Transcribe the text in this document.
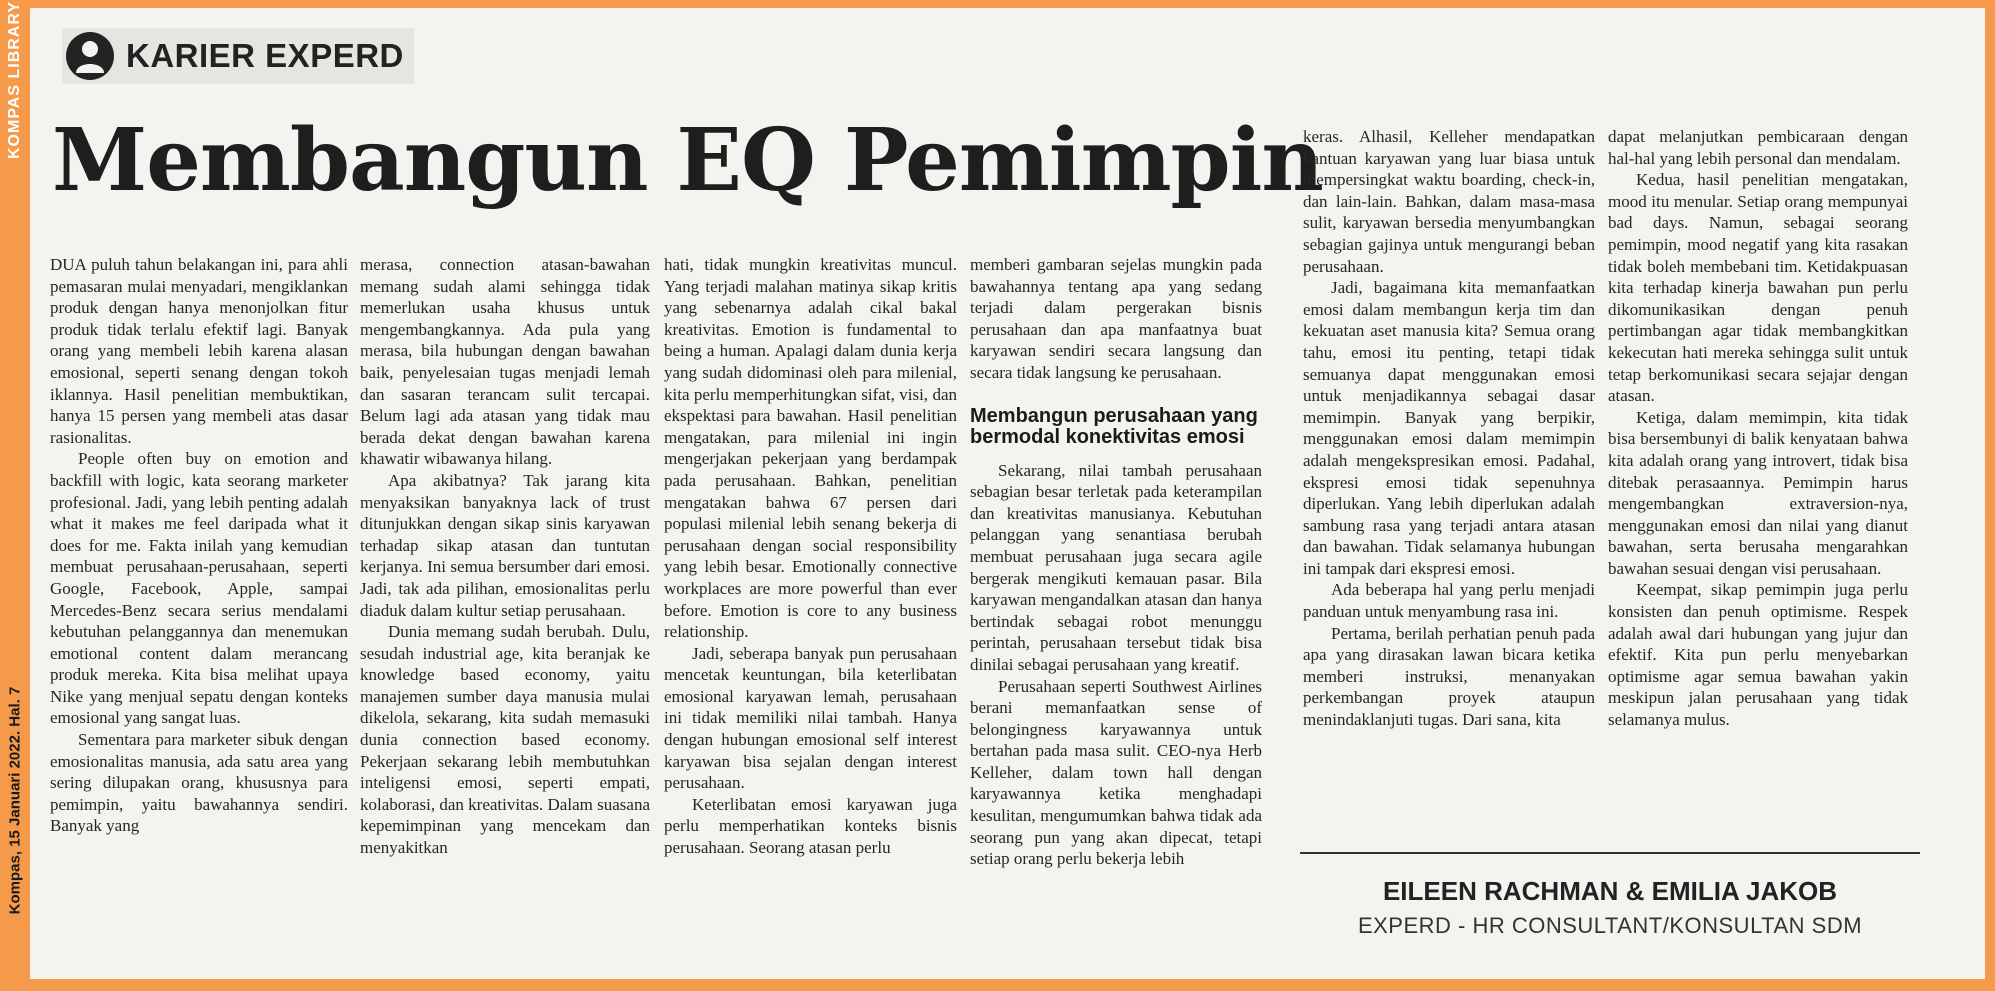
KOMPAS LIBRARY
Kompas, 15 Januari 2022. Hal. 7
KARIER EXPERD
Membangun EQ Pemimpin

DUA puluh tahun belakangan ini, para ahli pemasaran mulai menyadari, mengiklankan produk dengan hanya menonjolkan fitur produk tidak terlalu efektif lagi. Banyak orang yang membeli lebih karena alasan emosional, seperti senang dengan tokoh iklannya. Hasil penelitian membuktikan, hanya 15 persen yang membeli atas dasar rasionalitas.

People often buy on emotion and backfill with logic, kata seorang marketer profesional. Jadi, yang lebih penting adalah what it makes me feel daripada what it does for me. Fakta inilah yang kemudian membuat perusahaan-perusahaan, seperti Google, Facebook, Apple, sampai Mercedes-Benz secara serius mendalami kebutuhan pelanggannya dan menemukan emotional content dalam merancang produk mereka. Kita bisa melihat upaya Nike yang menjual sepatu dengan konteks emosional yang sangat luas.

Sementara para marketer sibuk dengan emosionalitas manusia, ada satu area yang sering dilupakan orang, khususnya para pemimpin, yaitu bawahannya sendiri. Banyak yang

merasa, connection atasan-bawahan memang sudah alami sehingga tidak memerlukan usaha khusus untuk mengembangkannya. Ada pula yang merasa, bila hubungan dengan bawahan baik, penyelesaian tugas menjadi lemah dan sasaran terancam sulit tercapai. Belum lagi ada atasan yang tidak mau berada dekat dengan bawahan karena khawatir wibawanya hilang.

Apa akibatnya? Tak jarang kita menyaksikan banyaknya lack of trust ditunjukkan dengan sikap sinis karyawan terhadap sikap atasan dan tuntutan kerjanya. Ini semua bersumber dari emosi. Jadi, tak ada pilihan, emosionalitas perlu diaduk dalam kultur setiap perusahaan.

Dunia memang sudah berubah. Dulu, sesudah industrial age, kita beranjak ke knowledge based economy, yaitu manajemen sumber daya manusia mulai dikelola, sekarang, kita sudah memasuki dunia connection based economy. Pekerjaan sekarang lebih membutuhkan inteligensi emosi, seperti empati, kolaborasi, dan kreativitas. Dalam suasana kepemimpinan yang mencekam dan menyakitkan

hati, tidak mungkin kreativitas muncul. Yang terjadi malahan matinya sikap kritis yang sebenarnya adalah cikal bakal kreativitas. Emotion is fundamental to being a human. Apalagi dalam dunia kerja yang sudah didominasi oleh para milenial, kita perlu memperhitungkan sifat, visi, dan ekspektasi para bawahan. Hasil penelitian mengatakan, para milenial ini ingin mengerjakan pekerjaan yang berdampak pada perusahaan. Bahkan, penelitian mengatakan bahwa 67 persen dari populasi milenial lebih senang bekerja di perusahaan dengan social responsibility yang lebih besar. Emotionally connective workplaces are more powerful than ever before. Emotion is core to any business relationship.

Jadi, seberapa banyak pun perusahaan mencetak keuntungan, bila keterlibatan emosional karyawan lemah, perusahaan ini tidak memiliki nilai tambah. Hanya dengan hubungan emosional self interest karyawan bisa sejalan dengan interest perusahaan.

Keterlibatan emosi karyawan juga perlu memperhatikan konteks bisnis perusahaan. Seorang atasan perlu

memberi gambaran sejelas mungkin pada bawahannya tentang apa yang sedang terjadi dalam pergerakan bisnis perusahaan dan apa manfaatnya buat karyawan sendiri secara langsung dan secara tidak langsung ke perusahaan.

Membangun perusahaan yang bermodal konektivitas emosi

Sekarang, nilai tambah perusahaan sebagian besar terletak pada keterampilan dan kreativitas manusianya. Kebutuhan pelanggan yang senantiasa berubah membuat perusahaan juga secara agile bergerak mengikuti kemauan pasar. Bila karyawan mengandalkan atasan dan hanya bertindak sebagai robot menunggu perintah, perusahaan tersebut tidak bisa dinilai sebagai perusahaan yang kreatif.

Perusahaan seperti Southwest Airlines berani memanfaatkan sense of belongingness karyawannya untuk bertahan pada masa sulit. CEO-nya Herb Kelleher, dalam town hall dengan karyawannya ketika menghadapi kesulitan, mengumumkan bahwa tidak ada seorang pun yang akan dipecat, tetapi setiap orang perlu bekerja lebih

keras. Alhasil, Kelleher mendapatkan bantuan karyawan yang luar biasa untuk mempersingkat waktu boarding, check-in, dan lain-lain. Bahkan, dalam masa-masa sulit, karyawan bersedia menyumbangkan sebagian gajinya untuk mengurangi beban perusahaan.

Jadi, bagaimana kita memanfaatkan emosi dalam membangun kerja tim dan kekuatan aset manusia kita? Semua orang tahu, emosi itu penting, tetapi tidak semuanya dapat menggunakan emosi untuk menjadikannya sebagai dasar memimpin. Banyak yang berpikir, menggunakan emosi dalam memimpin adalah mengekspresikan emosi. Padahal, ekspresi emosi tidak sepenuhnya diperlukan. Yang lebih diperlukan adalah sambung rasa yang terjadi antara atasan dan bawahan. Tidak selamanya hubungan ini tampak dari ekspresi emosi.

Ada beberapa hal yang perlu menjadi panduan untuk menyambung rasa ini.

Pertama, berilah perhatian penuh pada apa yang dirasakan lawan bicara ketika memberi instruksi, menanyakan perkembangan proyek ataupun menindaklanjuti tugas. Dari sana, kita

dapat melanjutkan pembicaraan dengan hal-hal yang lebih personal dan mendalam.

Kedua, hasil penelitian mengatakan, mood itu menular. Setiap orang mempunyai bad days. Namun, sebagai seorang pemimpin, mood negatif yang kita rasakan tidak boleh membebani tim. Ketidakpuasan kita terhadap kinerja bawahan pun perlu dikomunikasikan dengan penuh pertimbangan agar tidak membangkitkan kekecutan hati mereka sehingga sulit untuk tetap berkomunikasi secara sejajar dengan atasan.

Ketiga, dalam memimpin, kita tidak bisa bersembunyi di balik kenyataan bahwa kita adalah orang yang introvert, tidak bisa ditebak perasaannya. Pemimpin harus mengembangkan extraversion-nya, menggunakan emosi dan nilai yang dianut bawahan, serta berusaha mengarahkan bawahan sesuai dengan visi perusahaan.

Keempat, sikap pemimpin juga perlu konsisten dan penuh optimisme. Respek adalah awal dari hubungan yang jujur dan efektif. Kita pun perlu menyebarkan optimisme agar semua bawahan yakin meskipun jalan perusahaan yang tidak selamanya mulus.

EILEEN RACHMAN & EMILIA JAKOB
EXPERD - HR CONSULTANT/KONSULTAN SDM
